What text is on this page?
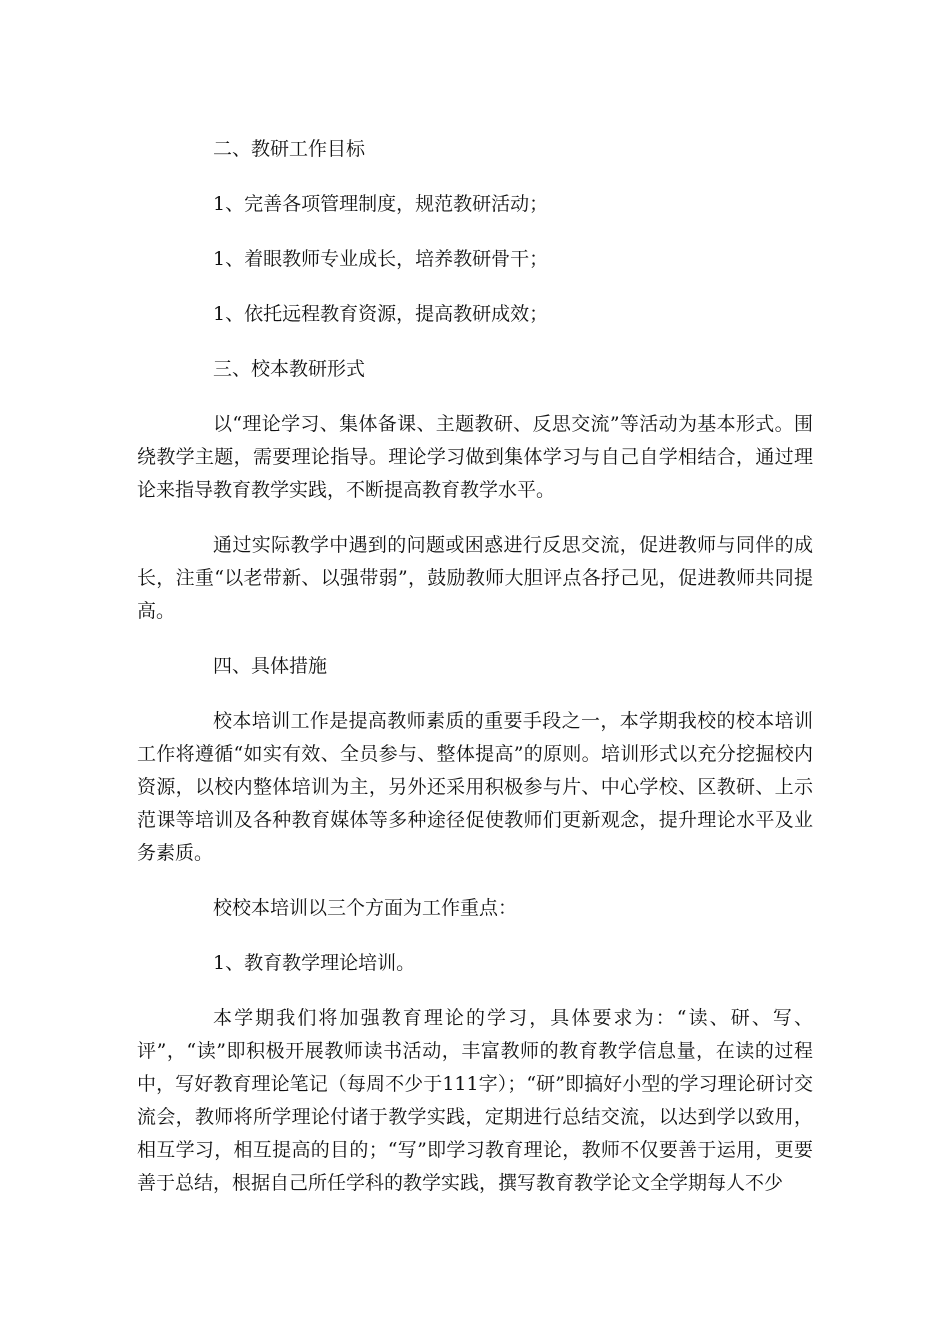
二、教研工作目标

1、完善各项管理制度，规范教研活动；

1、着眼教师专业成长，培养教研骨干；

1、依托远程教育资源，提高教研成效；

三、校本教研形式

以“理论学习、集体备课、主题教研、反思交流”等活动为基本形式。围绕教学主题，需要理论指导。理论学习做到集体学习与自己自学相结合，通过理论来指导教育教学实践，不断提高教育教学水平。

通过实际教学中遇到的问题或困惑进行反思交流，促进教师与同伴的成长，注重“以老带新、以强带弱”，鼓励教师大胆评点各抒己见，促进教师共同提高。

四、具体措施

校本培训工作是提高教师素质的重要手段之一，本学期我校的校本培训工作将遵循“如实有效、全员参与、整体提高”的原则。培训形式以充分挖掘校内资源，以校内整体培训为主，另外还采用积极参与片、中心学校、区教研、上示范课等培训及各种教育媒体等多种途径促使教师们更新观念，提升理论水平及业务素质。

校校本培训以三个方面为工作重点：

1、教育教学理论培训。

本学期我们将加强教育理论的学习，具体要求为：“读、研、写、评”，“读”即积极开展教师读书活动，丰富教师的教育教学信息量，在读的过程中，写好教育理论笔记（每周不少于111字）；“研”即搞好小型的学习理论研讨交流会，教师将所学理论付诸于教学实践，定期进行总结交流，以达到学以致用，相互学习，相互提高的目的；“写”即学习教育理论，教师不仅要善于运用，更要善于总结，根据自己所任学科的教学实践，撰写教育教学论文全学期每人不少
